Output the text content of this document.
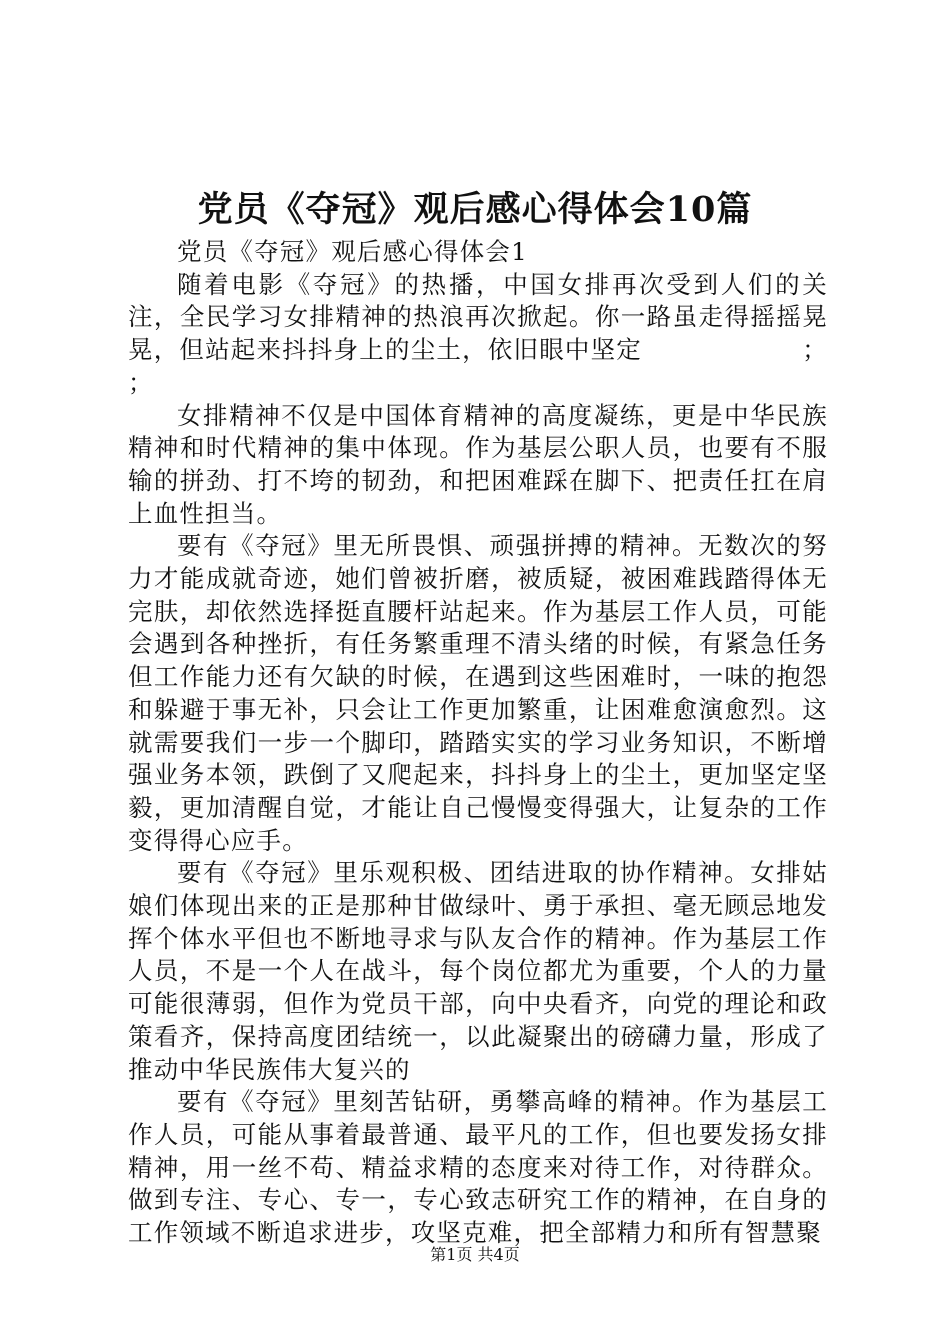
党员《夺冠》观后感心得体会10篇

党员《夺冠》观后感心得体会1

随着电影《夺冠》的热播，中国女排再次受到人们的关注，全民学习女排精神的热浪再次掀起。你一路虽走得摇摇晃晃，但站起来抖抖身上的尘土，依旧眼中坚定	；

；

女排精神不仅是中国体育精神的高度凝练，更是中华民族精神和时代精神的集中体现。作为基层公职人员，也要有不服输的拼劲、打不垮的韧劲，和把困难踩在脚下、把责任扛在肩上血性担当。

要有《夺冠》里无所畏惧、顽强拼搏的精神。无数次的努力才能成就奇迹，她们曾被折磨，被质疑，被困难践踏得体无完肤，却依然选择挺直腰杆站起来。作为基层工作人员，可能会遇到各种挫折，有任务繁重理不清头绪的时候，有紧急任务但工作能力还有欠缺的时候，在遇到这些困难时，一味的抱怨和躲避于事无补，只会让工作更加繁重，让困难愈演愈烈。这就需要我们一步一个脚印，踏踏实实的学习业务知识，不断增强业务本领，跌倒了又爬起来，抖抖身上的尘土，更加坚定坚毅，更加清醒自觉，才能让自己慢慢变得强大，让复杂的工作变得得心应手。

要有《夺冠》里乐观积极、团结进取的协作精神。女排姑娘们体现出来的正是那种甘做绿叶、勇于承担、毫无顾忌地发挥个体水平但也不断地寻求与队友合作的精神。作为基层工作人员，不是一个人在战斗，每个岗位都尤为重要，个人的力量可能很薄弱，但作为党员干部，向中央看齐，向党的理论和政策看齐，保持高度团结统一，以此凝聚出的磅礴力量，形成了推动中华民族伟大复兴的

要有《夺冠》里刻苦钻研，勇攀高峰的精神。作为基层工作人员，可能从事着最普通、最平凡的工作，但也要发扬女排精神，用一丝不苟、精益求精的态度来对待工作，对待群众。做到专注、专心、专一，专心致志研究工作的精神，在自身的工作领域不断追求进步，攻坚克难，把全部精力和所有智慧聚

第1页 共4页
